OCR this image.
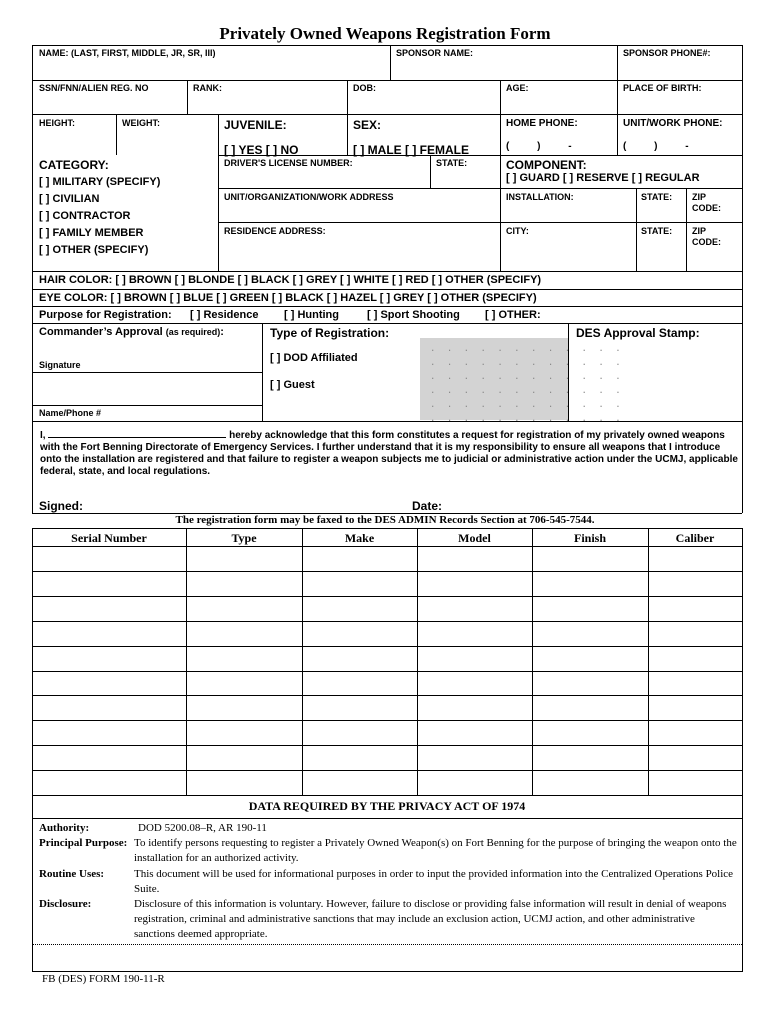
Privately Owned Weapons Registration Form
NAME: (LAST, FIRST, MIDDLE, JR, SR, III)	SPONSOR NAME:	SPONSOR PHONE#:
SSN/FNN/ALIEN REG. NO	RANK:	DOB:	AGE:	PLACE OF BIRTH:
HEIGHT:	WEIGHT:	JUVENILE:
[ ] YES [ ] NO
SEX:
[ ] MALE [ ] FEMALE
HOME PHONE:
(          )          -
UNIT/WORK PHONE:
(          )          -
CATEGORY:
[ ] MILITARY (SPECIFY)
[ ] CIVILIAN
[ ] CONTRACTOR
[ ] FAMILY MEMBER
[ ] OTHER (SPECIFY)
DRIVER'S LICENSE NUMBER:	STATE:	COMPONENT:
[ ] GUARD [ ] RESERVE [ ] REGULAR
UNIT/ORGANIZATION/WORK ADDRESS	INSTALLATION:	STATE: ZIP CODE:
RESIDENCE ADDRESS:	CITY:	STATE: ZIP CODE:
HAIR COLOR: [ ] BROWN [ ] BLONDE [ ] BLACK [ ] GREY [ ] WHITE [ ] RED [ ] OTHER (SPECIFY)
EYE COLOR: [ ] BROWN [ ] BLUE [ ] GREEN [ ] BLACK [ ] HAZEL [ ] GREY [ ] OTHER (SPECIFY)
Purpose for Registration: [ ] Residence [ ] Hunting	[ ] Sport Shooting [ ] OTHER:
Commander’s Approval (as required):
Signature
Name/Phone #
Type of Registration:
[ ] DOD Affiliated
[ ] Guest
. . . . . . . . . . . .
. . . . . . . . . . . .
. . . . . . . . . . . .
. . . . . . . . . . . .
. . . . . . . . . . . .
. . . . . . . . . . . .
DES Approval Stamp:
I,	hereby acknowledge that this form constitutes a request for registration of my privately owned weapons with the Fort Benning Directorate of Emergency Services. I further understand that it is my responsibility to ensure all weapons that I introduce onto the installation are registered and that failure to register a weapon subjects me to judicial or administrative action under the UCMJ, applicable federal, state, and local regulations.
Signed:	Date:
The registration form may be faxed to the DES ADMIN Records Section at 706-545-7544.
Serial Number	Type	Make	Model	Finish	Caliber
DATA REQUIRED BY THE PRIVACY ACT OF 1974
Authority:	DOD 5200.08–R, AR 190-11
Principal Purpose: To identify persons requesting to register a Privately Owned Weapon(s) on Fort Benning for the purpose of bringing the weapon onto the installation for an authorized activity.
Routine Uses:	This document will be used for informational purposes in order to input the provided information into the Centralized Operations Police Suite.
Disclosure:	Disclosure of this information is voluntary. However, failure to disclose or providing false information will result in denial of weapons registration, criminal and administrative sanctions that may include an exclusion action, UCMJ action, and other administrative sanctions deemed appropriate.
FB (DES) FORM 190-11-R
